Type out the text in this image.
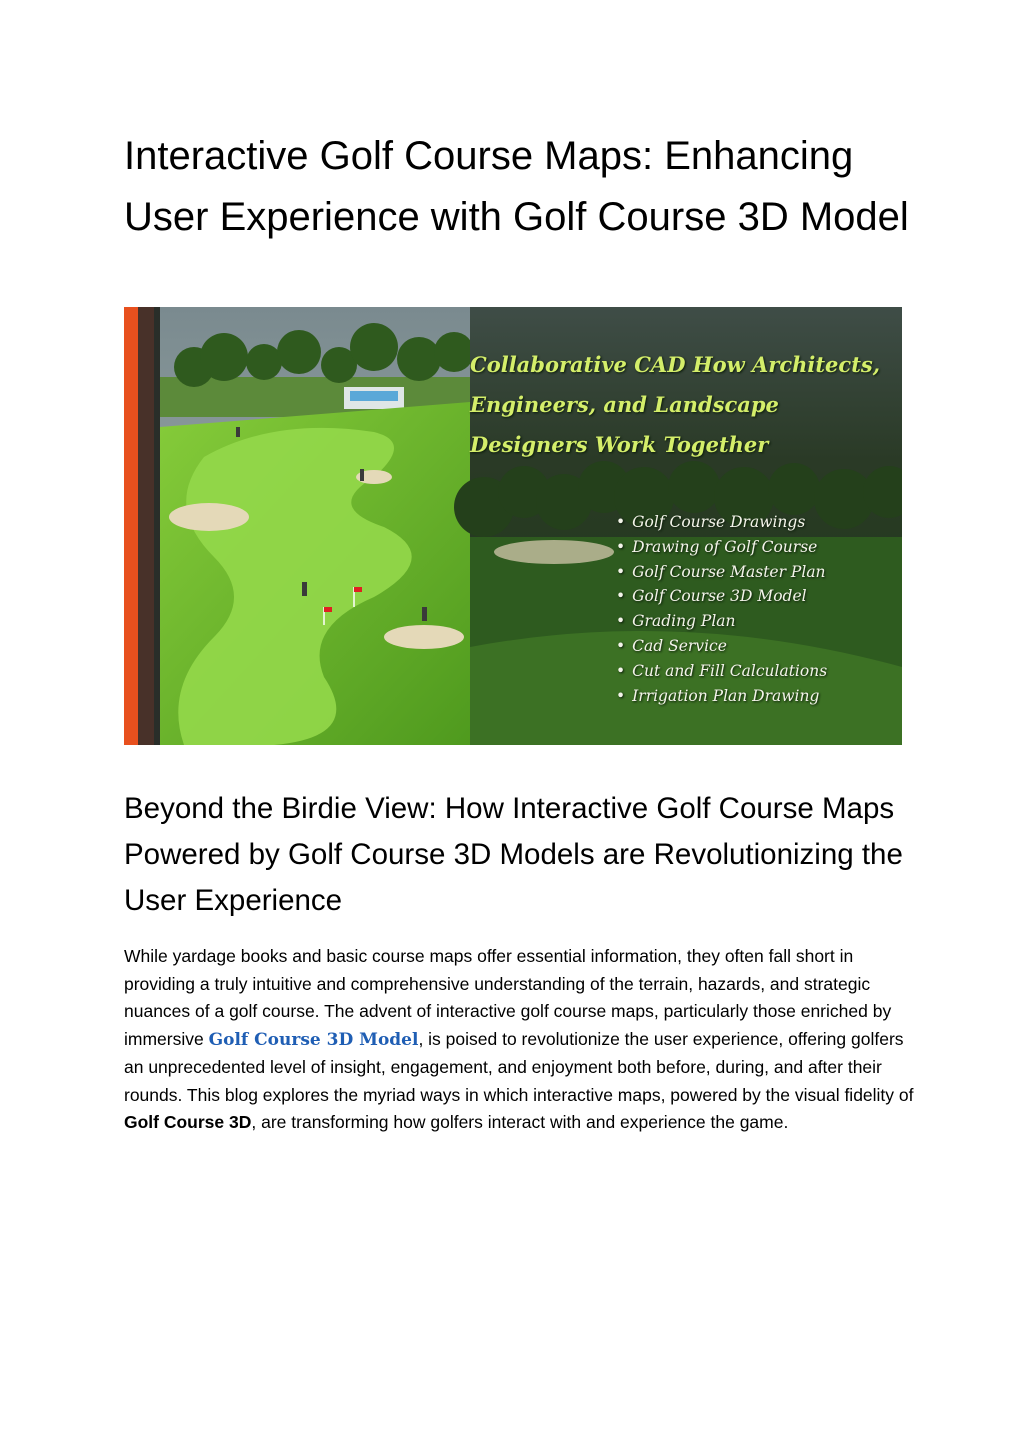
Interactive Golf Course Maps: Enhancing User Experience with Golf Course 3D Model
Collaborative CAD How Architects,
Engineers, and Landscape
Designers Work Together
• Golf Course Drawings
• Drawing of Golf Course
• Golf Course Master Plan
• Golf Course 3D Model
• Grading Plan
• Cad Service
• Cut and Fill Calculations
• Irrigation Plan Drawing
Beyond the Birdie View: How Interactive Golf Course Maps Powered by Golf Course 3D Models are Revolutionizing the User Experience

While yardage books and basic course maps offer essential information, they often fall short in providing a truly intuitive and comprehensive understanding of the terrain, hazards, and strategic nuances of a golf course. The advent of interactive golf course maps, particularly those enriched by immersive Golf Course 3D Model, is poised to revolutionize the user experience, offering golfers an unprecedented level of insight, engagement, and enjoyment both before, during, and after their rounds. This blog explores the myriad ways in which interactive maps, powered by the visual fidelity of Golf Course 3D, are transforming how golfers interact with and experience the game.
